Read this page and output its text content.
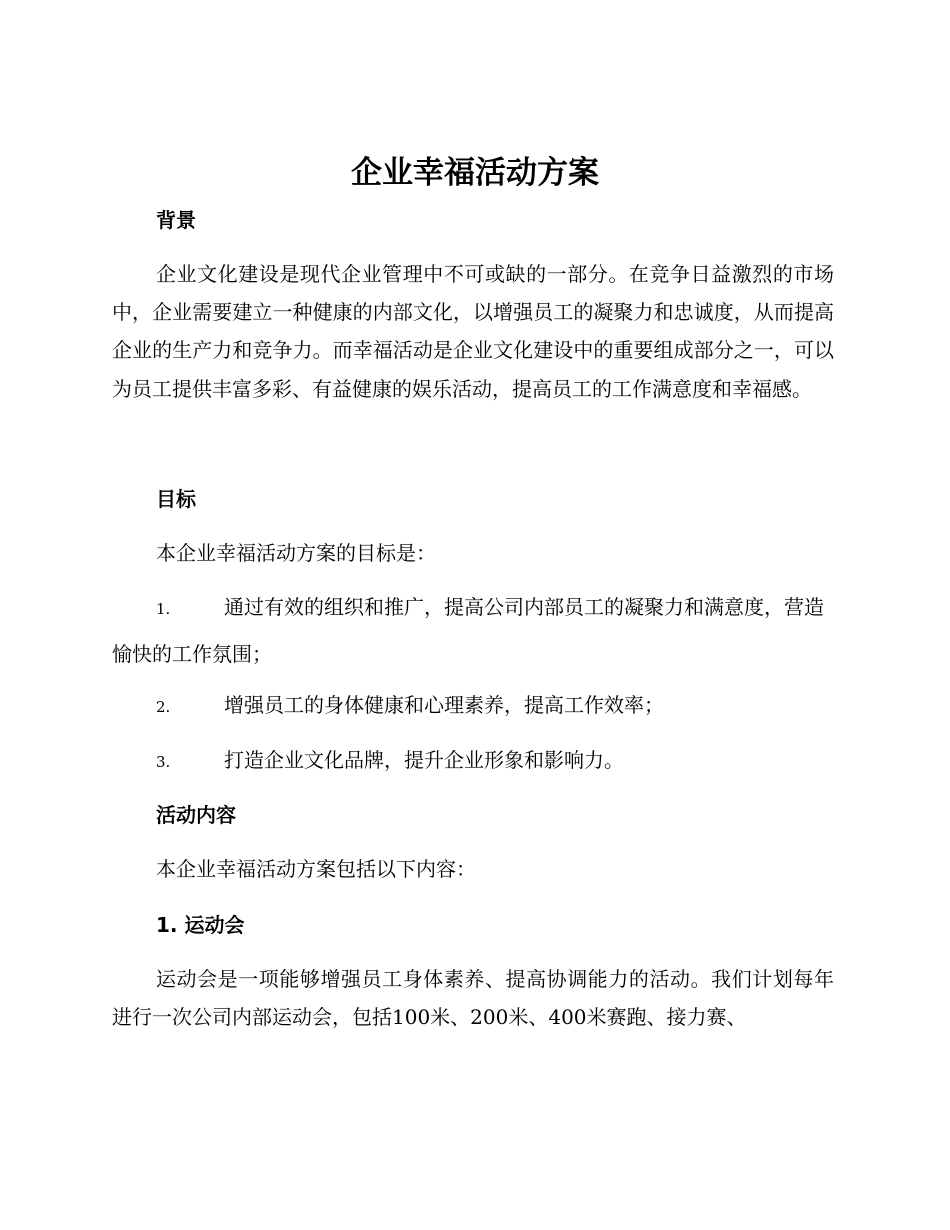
企业幸福活动方案
背景

企业文化建设是现代企业管理中不可或缺的一部分。在竞争日益激烈的市场中，企业需要建立一种健康的内部文化，以增强员工的凝聚力和忠诚度，从而提高企业的生产力和竞争力。而幸福活动是企业文化建设中的重要组成部分之一，可以为员工提供丰富多彩、有益健康的娱乐活动，提高员工的工作满意度和幸福感。

目标

本企业幸福活动方案的目标是：

1.	通过有效的组织和推广，提高公司内部员工的凝聚力和满意度，营造愉快的工作氛围；
2.	增强员工的身体健康和心理素养，提高工作效率；
3.	打造企业文化品牌，提升企业形象和影响力。
活动内容

本企业幸福活动方案包括以下内容：

1. 运动会

运动会是一项能够增强员工身体素养、提高协调能力的活动。我们计划每年进行一次公司内部运动会，包括100米、200米、400米赛跑、接力赛、
